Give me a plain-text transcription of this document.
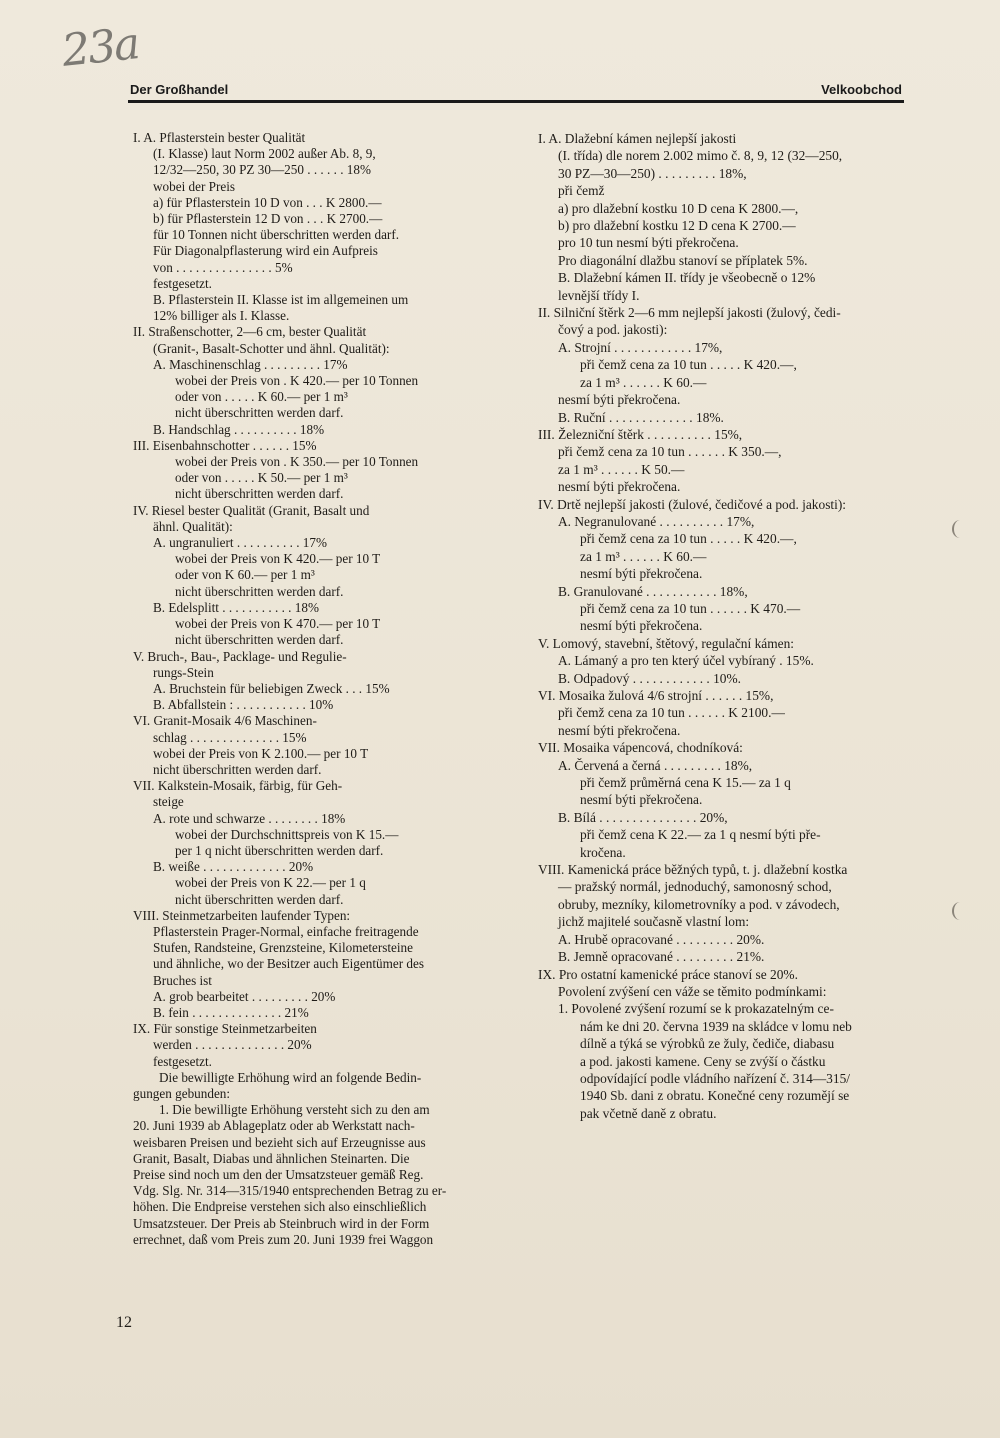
23a
Der Großhandel	Velkoobchod
I. A. Pflasterstein bester Qualität
(I. Klasse) laut Norm 2002 außer Ab. 8, 9,
12/32—250, 30 PZ 30—250 . . . . . . 18%
wobei der Preis
a) für Pflasterstein 10 D von . . . K 2800.—
b) für Pflasterstein 12 D von . . . K 2700.—
für 10 Tonnen nicht überschritten werden darf.
Für Diagonalpflasterung wird ein Aufpreis
von . . . . . . . . . . . . . . . 5%
festgesetzt.
B. Pflasterstein II. Klasse ist im allgemeinen um
12% billiger als I. Klasse.
II. Straßenschotter, 2—6 cm, bester Qualität
(Granit-, Basalt-Schotter und ähnl. Qualität):
A. Maschinenschlag . . . . . . . . . 17%
wobei der Preis von . K 420.— per 10 Tonnen
oder von . . . . . K 60.— per 1 m³
nicht überschritten werden darf.
B. Handschlag . . . . . . . . . . 18%
III. Eisenbahnschotter . . . . . . 15%
wobei der Preis von . K 350.— per 10 Tonnen
oder von . . . . . K 50.— per 1 m³
nicht überschritten werden darf.
IV. Riesel bester Qualität (Granit, Basalt und
ähnl. Qualität):
A. ungranuliert . . . . . . . . . . 17%
wobei der Preis von K 420.— per 10 T
oder von K 60.— per 1 m³
nicht überschritten werden darf.
B. Edelsplitt . . . . . . . . . . . 18%
wobei der Preis von K 470.— per 10 T
nicht überschritten werden darf.
V. Bruch-, Bau-, Packlage- und Regulie-
rungs-Stein
A. Bruchstein für beliebigen Zweck . . . 15%
B. Abfallstein : . . . . . . . . . . . 10%
VI. Granit-Mosaik 4/6 Maschinen-
schlag . . . . . . . . . . . . . . 15%
wobei der Preis von K 2.100.— per 10 T
nicht überschritten werden darf.
VII. Kalkstein-Mosaik, färbig, für Geh-
steige
A. rote und schwarze . . . . . . . . 18%
wobei der Durchschnittspreis von K 15.—
per 1 q nicht überschritten werden darf.
B. weiße . . . . . . . . . . . . . 20%
wobei der Preis von K 22.— per 1 q
nicht überschritten werden darf.
VIII. Steinmetzarbeiten laufender Typen:
Pflasterstein Prager-Normal, einfache freitragende
Stufen, Randsteine, Grenzsteine, Kilometersteine
und ähnliche, wo der Besitzer auch Eigentümer des
Bruches ist
A. grob bearbeitet . . . . . . . . . 20%
B. fein . . . . . . . . . . . . . . 21%
IX. Für sonstige Steinmetzarbeiten
werden . . . . . . . . . . . . . . 20%
festgesetzt.
Die bewilligte Erhöhung wird an folgende Bedin-
gungen gebunden:
1. Die bewilligte Erhöhung versteht sich zu den am
20. Juni 1939 ab Ablageplatz oder ab Werkstatt nach-
weisbaren Preisen und bezieht sich auf Erzeugnisse aus
Granit, Basalt, Diabas und ähnlichen Steinarten. Die
Preise sind noch um den der Umsatzsteuer gemäß Reg.
Vdg. Slg. Nr. 314—315/1940 entsprechenden Betrag zu er-
höhen. Die Endpreise verstehen sich also einschließlich
Umsatzsteuer. Der Preis ab Steinbruch wird in der Form
errechnet, daß vom Preis zum 20. Juni 1939 frei Waggon
I. A. Dlažební kámen nejlepší jakosti
(I. třída) dle norem 2.002 mimo č. 8, 9, 12 (32—250,
30 PZ—30—250) . . . . . . . . . 18%,
při čemž
a) pro dlažební kostku 10 D cena K 2800.—,
b) pro dlažební kostku 12 D cena K 2700.—
pro 10 tun nesmí býti překročena.
Pro diagonální dlažbu stanoví se příplatek 5%.
B. Dlažební kámen II. třídy je všeobecně o 12%
levnější třídy I.
II. Silniční štěrk 2—6 mm nejlepší jakosti (žulový, čedi-
čový a pod. jakosti):
A. Strojní . . . . . . . . . . . . 17%,
při čemž cena za 10 tun . . . . . K 420.—,
za 1 m³ . . . . . . K 60.—
nesmí býti překročena.
B. Ruční . . . . . . . . . . . . . 18%.
III. Železniční štěrk . . . . . . . . . . 15%,
při čemž cena za 10 tun . . . . . . K 350.—,
za 1 m³ . . . . . . K 50.—
nesmí býti překročena.
IV. Drtě nejlepší jakosti (žulové, čedičové a pod. jakosti):
A. Negranulované . . . . . . . . . . 17%,
při čemž cena za 10 tun . . . . . K 420.—,
za 1 m³ . . . . . . K 60.—
nesmí býti překročena.
B. Granulované . . . . . . . . . . . 18%,
při čemž cena za 10 tun . . . . . . K 470.—
nesmí býti překročena.
V. Lomový, stavební, štětový, regulační kámen:
A. Lámaný a pro ten který účel vybíraný . 15%.
B. Odpadový . . . . . . . . . . . . 10%.
VI. Mosaika žulová 4/6 strojní . . . . . . 15%,
při čemž cena za 10 tun . . . . . . K 2100.—
nesmí býti překročena.
VII. Mosaika vápencová, chodníková:
A. Červená a černá . . . . . . . . . 18%,
při čemž průměrná cena K 15.— za 1 q
nesmí býti překročena.
B. Bílá . . . . . . . . . . . . . . . 20%,
při čemž cena K 22.— za 1 q nesmí býti pře-
kročena.
VIII. Kamenická práce běžných typů, t. j. dlažební kostka
— pražský normál, jednoduchý, samonosný schod,
obruby, mezníky, kilometrovníky a pod. v závodech,
jichž majitelé současně vlastní lom:
A. Hrubě opracované . . . . . . . . . 20%.
B. Jemně opracované . . . . . . . . . 21%.
IX. Pro ostatní kamenické práce stanoví se 20%.
Povolení zvýšení cen váže se těmito podmínkami:
1. Povolené zvýšení rozumí se k prokazatelným ce-
nám ke dni 20. června 1939 na skládce v lomu neb
dílně a týká se výrobků ze žuly, čediče, diabasu
a pod. jakosti kamene. Ceny se zvýší o částku
odpovídající podle vládního nařízení č. 314—315/
1940 Sb. dani z obratu. Konečné ceny rozumějí se
pak včetně daně z obratu.
12
